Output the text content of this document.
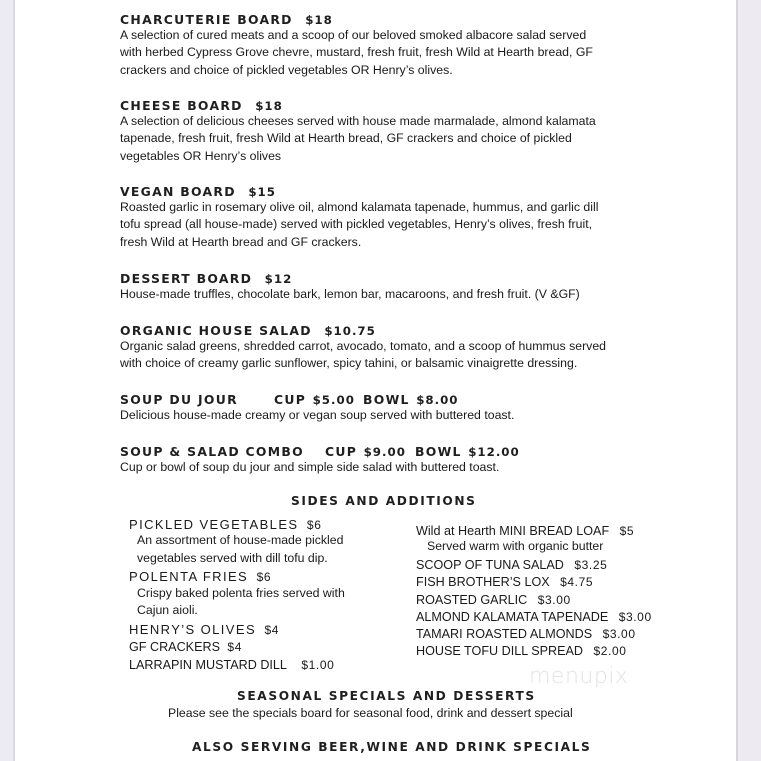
CHARCUTERIE BOARD $18
A selection of cured meats and a scoop of our beloved smoked albacore salad served
with herbed Cypress Grove chevre, mustard, fresh fruit, fresh Wild at Hearth bread, GF
crackers and choice of pickled vegetables OR Henry’s olives.
CHEESE BOARD $18
A selection of delicious cheeses served with house made marmalade, almond kalamata
tapenade, fresh fruit, fresh Wild at Hearth bread, GF crackers and choice of pickled
vegetables OR Henry’s olives
VEGAN BOARD $15
Roasted garlic in rosemary olive oil, almond kalamata tapenade, hummus, and garlic dill
tofu spread (all house-made) served with pickled vegetables, Henry’s olives, fresh fruit,
fresh Wild at Hearth bread and GF crackers.
DESSERT BOARD $12
House-made truffles, chocolate bark, lemon bar, macaroons, and fresh fruit. (V &GF)
ORGANIC HOUSE SALAD $10.75
Organic salad greens, shredded carrot, avocado, tomato, and a scoop of hummus served
with choice of creamy garlic sunflower, spicy tahini, or balsamic vinaigrette dressing.
SOUP DU JOUR	CUP $5.00 BOWL $8.00
Delicious house-made creamy or vegan soup served with buttered toast.
SOUP & SALAD COMBO CUP $9.00 BOWL $12.00
Cup or bowl of soup du jour and simple side salad with buttered toast.
SIDES AND ADDITIONS
PICKLED VEGETABLES $6
An assortment of house-made pickled
vegetables served with dill tofu dip.
POLENTA FRIES $6
Crispy baked polenta fries served with
Cajun aioli.
HENRY’S OLIVES $4
GF CRACKERS $4
LARRAPIN MUSTARD DILL $1.00
Wild at Hearth MINI BREAD LOAF $5
Served warm with organic butter
SCOOP OF TUNA SALAD $3.25
FISH BROTHER’S LOX $4.75
ROASTED GARLIC $3.00
ALMOND KALAMATA TAPENADE $3.00
TAMARI ROASTED ALMONDS $3.00
HOUSE TOFU DILL SPREAD $2.00
menupix
SEASONAL SPECIALS AND DESSERTS
Please see the specials board for seasonal food, drink and dessert special
ALSO SERVING BEER,WINE AND DRINK SPECIALS
